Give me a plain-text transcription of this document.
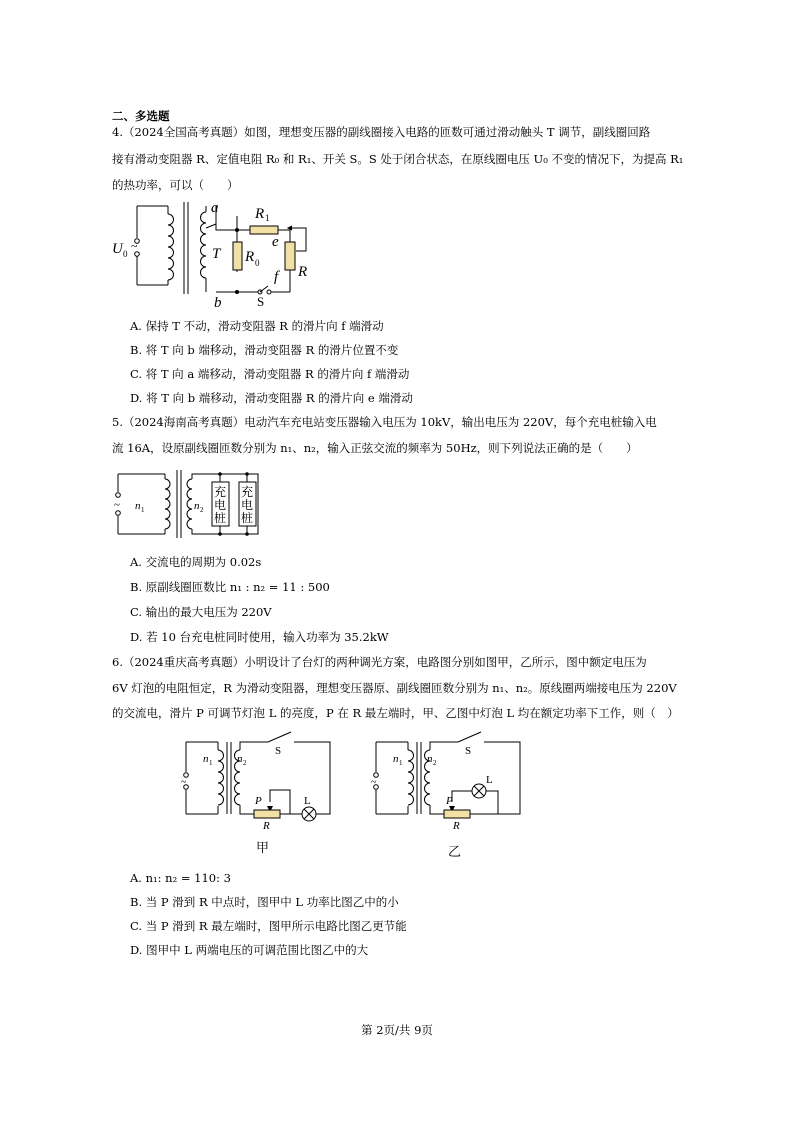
二、多选题
4.（2024全国高考真题）如图，理想变压器的副线圈接入电路的匝数可通过滑动触头 T 调节，副线圈回路
接有滑动变阻器 R、定值电阻 R₀ 和 R₁、开关 S。S 处于闭合状态，在原线圈电压 U₀ 不变的情况下，为提高 R₁
的热功率，可以（　　）
U 0
~
a
b
T
R 1
R 0
e
f R
S
A. 保持 T 不动，滑动变阻器 R 的滑片向 f 端滑动
B. 将 T 向 b 端移动，滑动变阻器 R 的滑片位置不变
C. 将 T 向 a 端移动，滑动变阻器 R 的滑片向 f 端滑动
D. 将 T 向 b 端移动，滑动变阻器 R 的滑片向 e 端滑动
5.（2024海南高考真题）电动汽车充电站变压器输入电压为 10kV，输出电压为 220V，每个充电桩输入电
流 16A，设原副线圈匝数分别为 n₁、n₂，输入正弦交流的频率为 50Hz，则下列说法正确的是（　　）
~ n 1	n 2
充
电
桩
充
电
桩
A. 交流电的周期为 0.02s
B. 原副线圈匝数比 n₁ : n₂ = 11 : 500
C. 输出的最大电压为 220V
D. 若 10 台充电桩同时使用，输入功率为 35.2kW
6.（2024重庆高考真题）小明设计了台灯的两种调光方案，电路图分别如图甲，乙所示，图中额定电压为
6V 灯泡的电阻恒定，R 为滑动变阻器，理想变压器原、副线圈匝数分别为 n₁、n₂。原线圈两端接电压为 220V
的交流电，滑片 P 可调节灯泡 L 的亮度，P 在 R 最左端时，甲、乙图中灯泡 L 均在额定功率下工作，则（　）
~
n 1 n 2
S
P
R
L
甲
~
n 1 n 2
S
P
R
L
乙
A. n₁: n₂ = 110: 3
B. 当 P 滑到 R 中点时，图甲中 L 功率比图乙中的小
C. 当 P 滑到 R 最左端时，图甲所示电路比图乙更节能
D. 图甲中 L 两端电压的可调范围比图乙中的大
第 2页/共 9页
